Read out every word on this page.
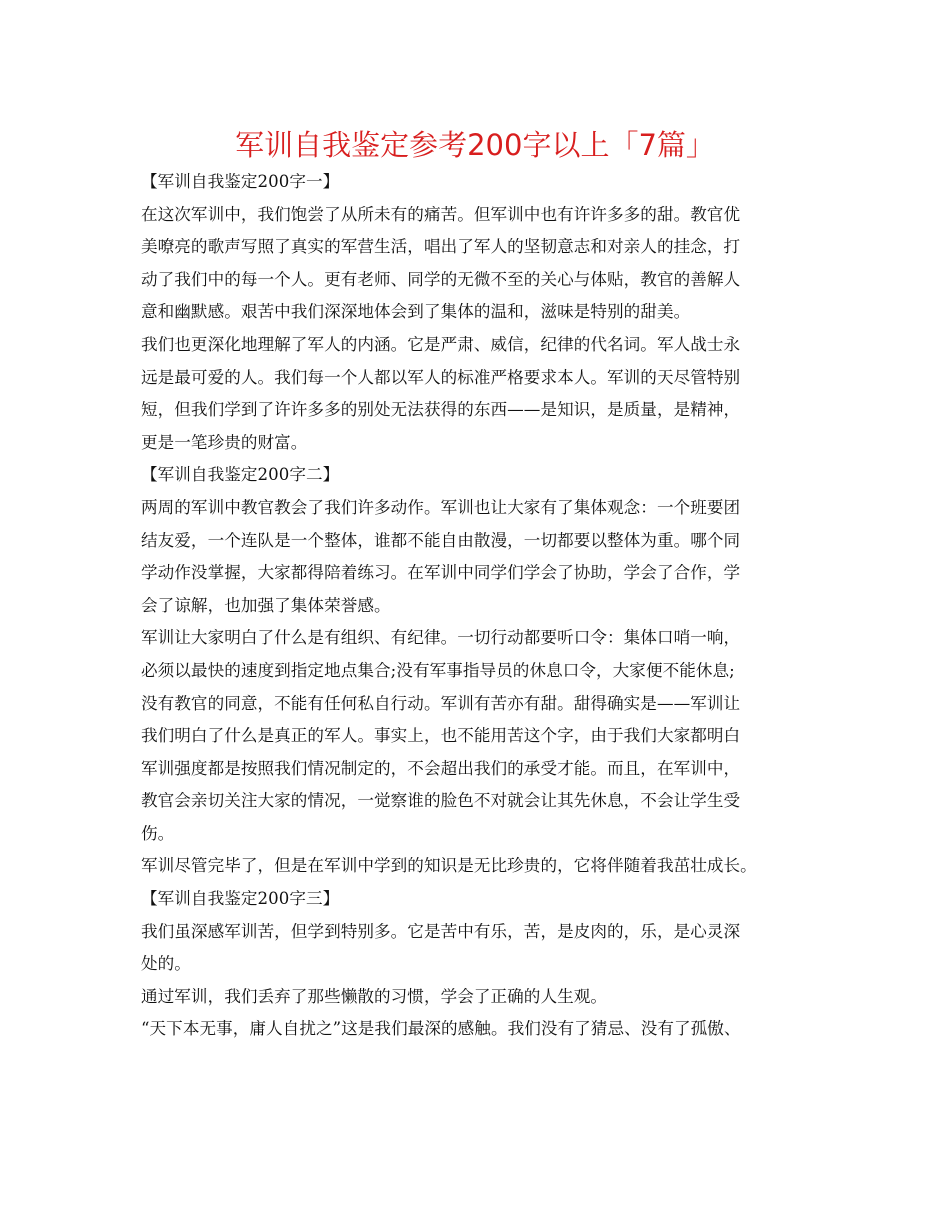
军训自我鉴定参考200字以上「7篇」
【军训自我鉴定200字一】
在这次军训中，我们饱尝了从所未有的痛苦。但军训中也有许许多多的甜。教官优
美嘹亮的歌声写照了真实的军营生活，唱出了军人的坚韧意志和对亲人的挂念，打
动了我们中的每一个人。更有老师、同学的无微不至的关心与体贴，教官的善解人
意和幽默感。艰苦中我们深深地体会到了集体的温和，滋味是特别的甜美。
我们也更深化地理解了军人的内涵。它是严肃、威信，纪律的代名词。军人战士永
远是最可爱的人。我们每一个人都以军人的标准严格要求本人。军训的天尽管特别
短，但我们学到了许许多多的别处无法获得的东西——是知识，是质量，是精神，
更是一笔珍贵的财富。
【军训自我鉴定200字二】
两周的军训中教官教会了我们许多动作。军训也让大家有了集体观念：一个班要团
结友爱，一个连队是一个整体，谁都不能自由散漫，一切都要以整体为重。哪个同
学动作没掌握，大家都得陪着练习。在军训中同学们学会了协助，学会了合作，学
会了谅解，也加强了集体荣誉感。
军训让大家明白了什么是有组织、有纪律。一切行动都要听口令：集体口哨一响，
必须以最快的速度到指定地点集合;没有军事指导员的休息口令，大家便不能休息;
没有教官的同意，不能有任何私自行动。军训有苦亦有甜。甜得确实是——军训让
我们明白了什么是真正的军人。事实上，也不能用苦这个字，由于我们大家都明白
军训强度都是按照我们情况制定的，不会超出我们的承受才能。而且，在军训中，
教官会亲切关注大家的情况，一觉察谁的脸色不对就会让其先休息，不会让学生受
伤。
军训尽管完毕了，但是在军训中学到的知识是无比珍贵的，它将伴随着我茁壮成长。
【军训自我鉴定200字三】
我们虽深感军训苦，但学到特别多。它是苦中有乐，苦，是皮肉的，乐，是心灵深
处的。
通过军训，我们丢弃了那些懒散的习惯，学会了正确的人生观。
“天下本无事，庸人自扰之”这是我们最深的感触。我们没有了猜忌、没有了孤傲、
